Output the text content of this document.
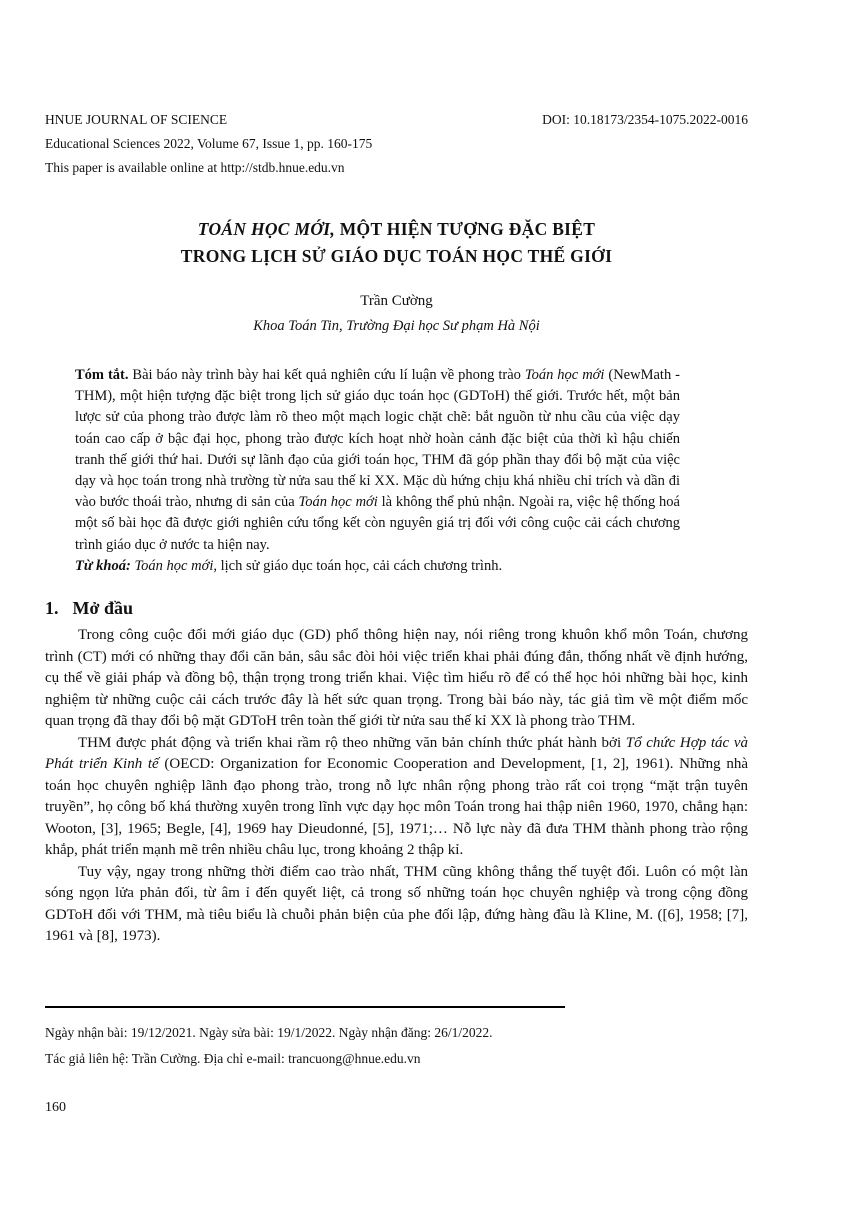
HNUE JOURNAL OF SCIENCE	DOI: 10.18173/2354-1075.2022-0016
Educational Sciences 2022, Volume 67, Issue 1, pp. 160-175
This paper is available online at http://stdb.hnue.edu.vn
TOÁN HỌC MỚI, MỘT HIỆN TƯỢNG ĐẶC BIỆT
TRONG LỊCH SỬ GIÁO DỤC TOÁN HỌC THẾ GIỚI
Trần Cường
Khoa Toán Tin, Trường Đại học Sư phạm Hà Nội

Tóm tắt. Bài báo này trình bày hai kết quả nghiên cứu lí luận về phong trào Toán học mới (NewMath - THM), một hiện tượng đặc biệt trong lịch sử giáo dục toán học (GDToH) thế giới. Trước hết, một bản lược sử của phong trào được làm rõ theo một mạch logic chặt chẽ: bắt nguồn từ nhu cầu của việc dạy toán cao cấp ở bậc đại học, phong trào được kích hoạt nhờ hoàn cảnh đặc biệt của thời kì hậu chiến tranh thế giới thứ hai. Dưới sự lãnh đạo của giới toán học, THM đã góp phần thay đổi bộ mặt của việc dạy và học toán trong nhà trường từ nửa sau thế kỉ XX. Mặc dù hứng chịu khá nhiều chỉ trích và dần đi vào bước thoái trào, nhưng di sản của Toán học mới là không thể phủ nhận. Ngoài ra, việc hệ thống hoá một số bài học đã được giới nghiên cứu tổng kết còn nguyên giá trị đối với công cuộc cải cách chương trình giáo dục ở nước ta hiện nay.

Từ khoá: Toán học mới, lịch sử giáo dục toán học, cải cách chương trình.

1. Mở đầu

Trong công cuộc đổi mới giáo dục (GD) phổ thông hiện nay, nói riêng trong khuôn khổ môn Toán, chương trình (CT) mới có những thay đổi căn bản, sâu sắc đòi hỏi việc triển khai phải đúng đắn, thống nhất về định hướng, cụ thể về giải pháp và đồng bộ, thận trọng trong triển khai. Việc tìm hiểu rõ để có thể học hỏi những bài học, kinh nghiệm từ những cuộc cải cách trước đây là hết sức quan trọng. Trong bài báo này, tác giả tìm về một điểm mốc quan trọng đã thay đổi bộ mặt GDToH trên toàn thế giới từ nửa sau thế kỉ XX là phong trào THM.

THM được phát động và triển khai rầm rộ theo những văn bản chính thức phát hành bởi Tổ chức Hợp tác và Phát triển Kinh tế (OECD: Organization for Economic Cooperation and Development, [1, 2], 1961). Những nhà toán học chuyên nghiệp lãnh đạo phong trào, trong nỗ lực nhân rộng phong trào rất coi trọng “mặt trận tuyên truyền”, họ công bố khá thường xuyên trong lĩnh vực dạy học môn Toán trong hai thập niên 1960, 1970, chẳng hạn: Wooton, [3], 1965; Begle, [4], 1969 hay Dieudonné, [5], 1971;… Nỗ lực này đã đưa THM thành phong trào rộng khắp, phát triển mạnh mẽ trên nhiều châu lục, trong khoảng 2 thập kỉ.

Tuy vậy, ngay trong những thời điểm cao trào nhất, THM cũng không thắng thế tuyệt đối. Luôn có một làn sóng ngọn lửa phản đối, từ âm ỉ đến quyết liệt, cả trong số những toán học chuyên nghiệp và trong cộng đồng GDToH đối với THM, mà tiêu biểu là chuỗi phản biện của phe đối lập, đứng hàng đầu là Kline, M. ([6], 1958; [7], 1961 và [8], 1973).

Ngày nhận bài: 19/12/2021. Ngày sửa bài: 19/1/2022. Ngày nhận đăng: 26/1/2022.
Tác giả liên hệ: Trần Cường. Địa chỉ e-mail: trancuong@hnue.edu.vn
160
